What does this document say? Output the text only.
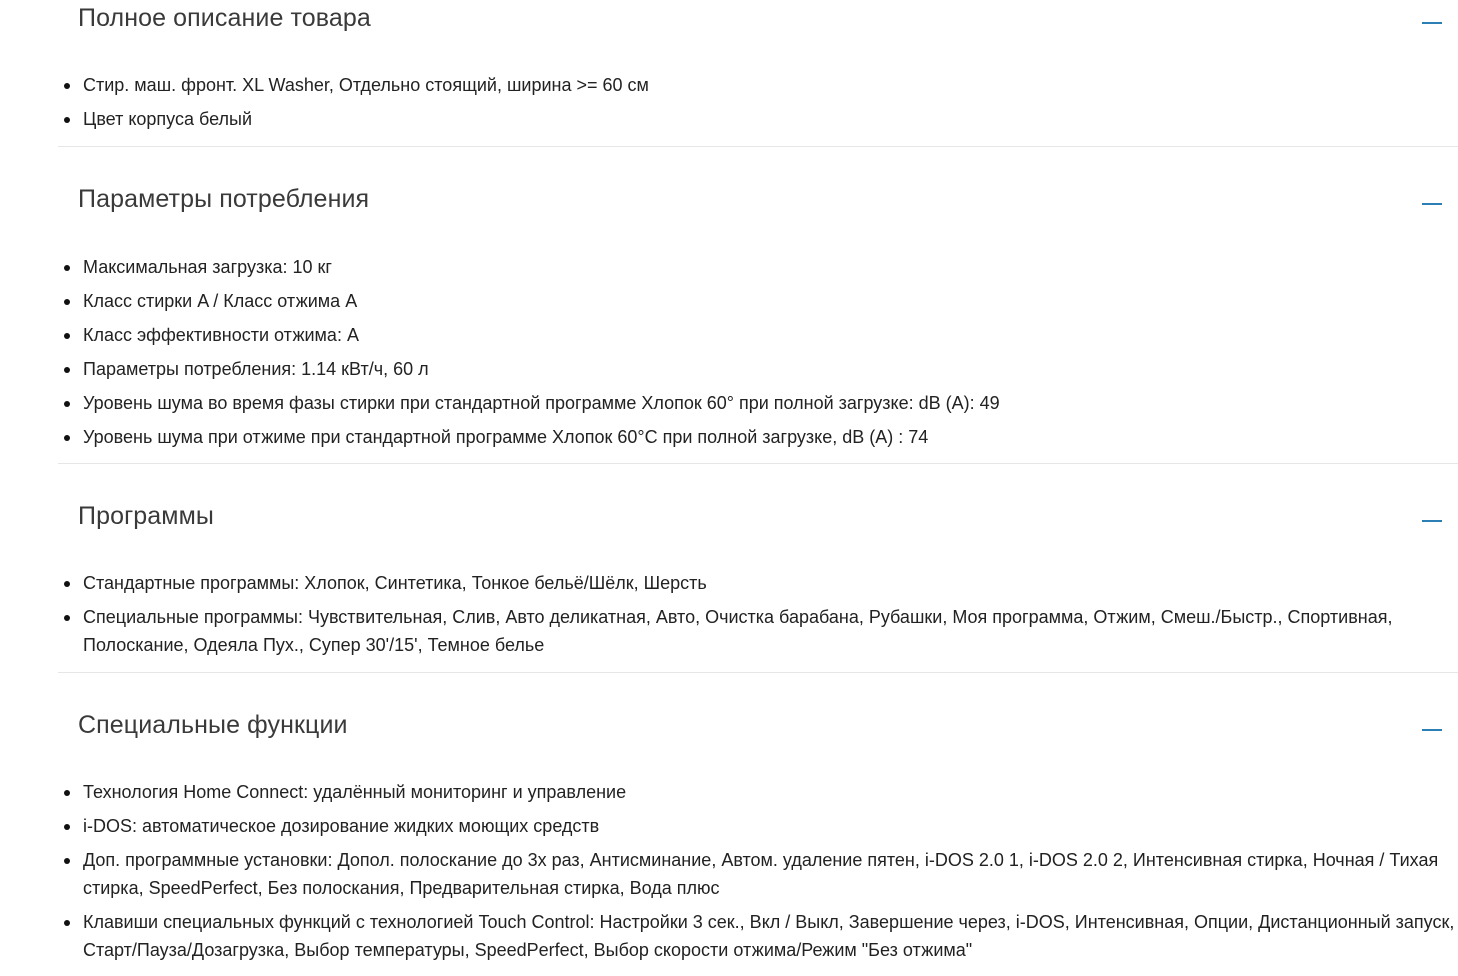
Полное описание товара
Стир. маш. фронт. XL Washer, Отдельно стоящий, ширина >= 60 см
Цвет корпуса белый
Параметры потребления
Максимальная загрузка: 10 кг
Класс стирки A / Класс отжима A
Класс эффективности отжима: A
Параметры потребления: 1.14 кВт/ч, 60 л
Уровень шума во время фазы стирки при стандартной программе Хлопок 60° при полной загрузке: dB (A): 49
Уровень шума при отжиме при стандартной программе Хлопок 60°C при полной загрузке, dB (A) : 74
Программы
Стандартные программы: Хлопок, Синтетика, Тонкое бельё/Шёлк, Шерсть
Специальные программы: Чувствительная, Слив, Авто деликатная, Авто, Очистка барабана, Рубашки, Моя программа, Отжим, Смеш./Быстр., Спортивная, Полоскание, Одеяла Пух., Супер 30'/15', Темное белье
Специальные функции
Технология Home Connect: удалённый мониторинг и управление
i-DOS: автоматическое дозирование жидких моющих средств
Доп. программные установки: Допол. полоскание до 3х раз, Антисминание, Автом. удаление пятен, i-DOS 2.0 1, i-DOS 2.0 2, Интенсивная стирка, Ночная / Тихая стирка, SpeedPerfect, Без полоскания, Предварительная стирка, Вода плюс
Клавиши специальных функций с технологией Touch Control: Настройки 3 сек., Вкл / Выкл, Завершение через, i-DOS, Интенсивная, Опции, Дистанционный запуск, Старт/Пауза/Дозагрузка, Выбор температуры, SpeedPerfect, Выбор скорости отжима/Режим "Без отжима"
